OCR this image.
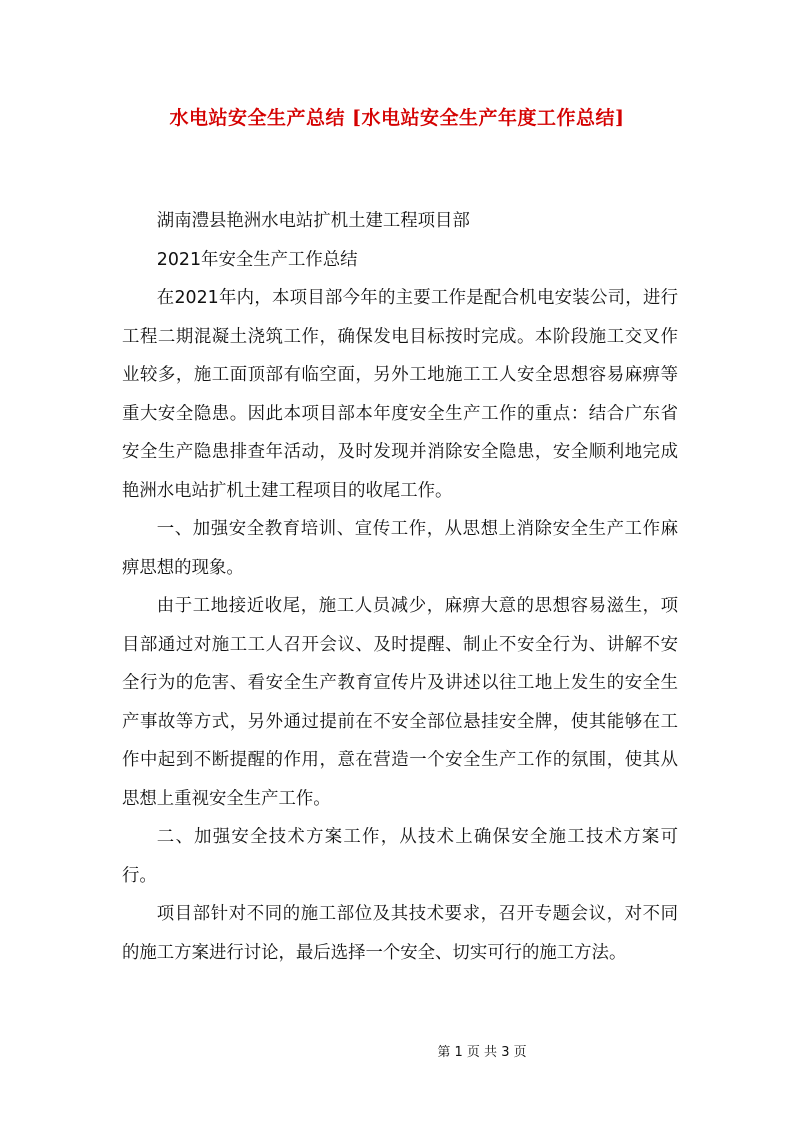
水电站安全生产总结 [水电站安全生产年度工作总结]

湖南澧县艳洲水电站扩机土建工程项目部

2021年安全生产工作总结

在2021年内，本项目部今年的主要工作是配合机电安装公司，进行工程二期混凝土浇筑工作，确保发电目标按时完成。本阶段施工交叉作业较多，施工面顶部有临空面，另外工地施工工人安全思想容易麻痹等重大安全隐患。因此本项目部本年度安全生产工作的重点：结合广东省安全生产隐患排查年活动，及时发现并消除安全隐患，安全顺利地完成艳洲水电站扩机土建工程项目的收尾工作。

一、加强安全教育培训、宣传工作，从思想上消除安全生产工作麻痹思想的现象。

由于工地接近收尾，施工人员减少，麻痹大意的思想容易滋生，项目部通过对施工工人召开会议、及时提醒、制止不安全行为、讲解不安全行为的危害、看安全生产教育宣传片及讲述以往工地上发生的安全生产事故等方式，另外通过提前在不安全部位悬挂安全牌，使其能够在工作中起到不断提醒的作用，意在营造一个安全生产工作的氛围，使其从思想上重视安全生产工作。

二、加强安全技术方案工作，从技术上确保安全施工技术方案可行。

项目部针对不同的施工部位及其技术要求，召开专题会议，对不同的施工方案进行讨论，最后选择一个安全、切实可行的施工方法。

第 1 页 共 3 页
